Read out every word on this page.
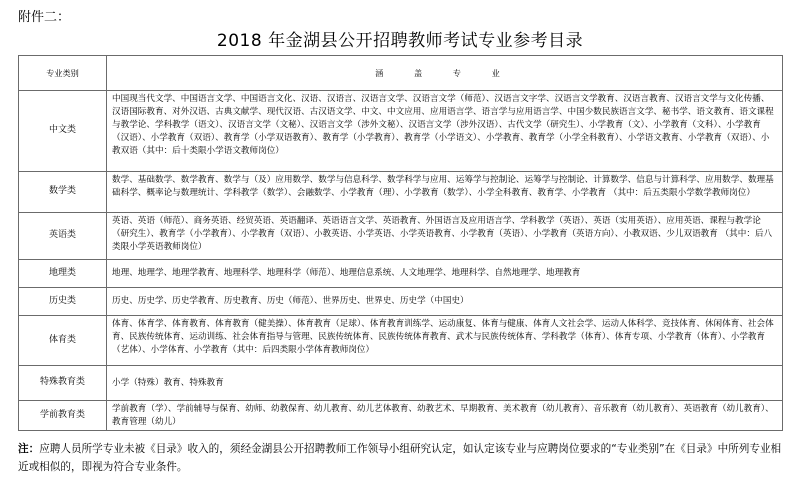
附件二：
2018 年金湖县公开招聘教师考试专业参考目录
专业类别	涵 盖 专 业
中文类	中国现当代文学、中国语言文学、中国语言文化、汉语、汉语言、汉语言文学、汉语言文学（师范）、汉语言文字学、汉语言文学教育、汉语言教育、汉语言文学与文化传播、汉语国际教育、对外汉语、古典文献学、现代汉语、古汉语文学、中文、中文应用、应用语言学、语言学与应用语言学、中国少数民族语言文学、秘书学、语文教育、语文课程与教学论、学科教学（语文）、汉语言文学（文秘）、汉语言文学（涉外文秘）、汉语言文学（涉外汉语）、古代文学（研究生）、小学教育（文）、小学教育（文科）、小学教育（汉语）、小学教育（双语）、教育学（小学双语教育）、教育学（小学教育）、教育学（小学语文）、小学教育、教育学（小学全科教育）、小学语文教育、小学教育（双语）、小教双语（其中：后十类限小学语文教师岗位）
数学类	数学、基础数学、数学教育、数学与（及）应用数学、数学与信息科学、数学科学与应用、运筹学与控制论、运筹学与控制论、计算数学、信息与计算科学、应用数学、数理基础科学、概率论与数理统计、学科教学（数学）、会融数学、小学教育（理）、小学教育（数学）、小学全科教育、教育学、小学教育 （其中：后五类限小学数学教师岗位）
英语类	英语、英语（师范）、商务英语、经贸英语、英语翻译、英语语言文学、英语教育、外国语言及应用语言学、学科教学（英语）、英语（实用英语）、应用英语、课程与教学论（研究生）、教育学（小学教育）、小学教育（双语）、小教英语、小学英语、小学英语教育、小学教育（英语）、小学教育（英语方向）、小教双语、少儿双语教育 （其中：后八类限小学英语教师岗位）
地理类	地理、地理学、地理学教育、地理科学、地理科学（师范）、地理信息系统、人文地理学、地理科学、自然地理学、地理教育
历史类	历史、历史学、历史学教育、历史教育、历史（师范）、世界历史、世界史、历史学（中国史）
体育类	体育、体育学、体育教育、体育教育（健美操）、体育教育（足球）、体育教育训练学、运动康复、体育与健康、体育人文社会学、运动人体科学、竞技体育、休闲体育、社会体育、民族传统体育、运动训练、社会体育指导与管理、民族传统体育、民族传统体育教育、武术与民族传统体育、学科教学（体育）、体育专项、小学教育（体育）、小学教育（艺体）、小学体育、小学教育（其中：后四类限小学体育教师岗位）
特殊教育类	小学（特殊）教育、特殊教育
学前教育类	学前教育（学）、学前辅导与保育、幼师、幼教保育、幼儿教育、幼儿艺体教育、幼教艺术、早期教育、美术教育（幼儿教育）、音乐教育（幼儿教育）、英语教育（幼儿教育）、教育管理（幼儿）
注：应聘人员所学专业未被《目录》收入的，须经金湖县公开招聘教师工作领导小组研究认定，如认定该专业与应聘岗位要求的“专业类别”在《目录》中所列专业相近或相似的，即视为符合专业条件。
